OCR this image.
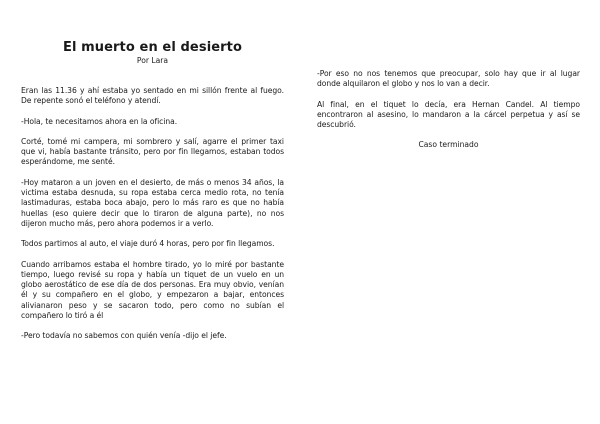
El muerto en el desierto
Por Lara

Eran las 11.36 y ahí estaba yo sentado en mi sillón frente al fuego. De repente sonó el teléfono y atendí.

-Hola, te necesitamos ahora en la oficina.

Corté, tomé mi campera, mi sombrero y salí, agarre el primer taxi que vi, había bastante tránsito, pero por fin llegamos, estaban todos esperándome, me senté.

-Hoy mataron a un joven en el desierto, de más o menos 34 años, la victima estaba desnuda, su ropa estaba cerca medio rota, no tenía lastimaduras, estaba boca abajo, pero lo más raro es que no había huellas (eso quiere decir que lo tiraron de alguna parte), no nos dijeron mucho más, pero ahora podemos ir a verlo.

Todos partimos al auto, el viaje duró 4 horas, pero por fin llegamos.

Cuando arribamos estaba el hombre tirado, yo lo miré por bastante tiempo, luego revisé su ropa y había un tiquet de un vuelo en un globo aerostático de ese día de dos personas. Era muy obvio, venían él y su compañero en el globo, y empezaron a bajar, entonces alivianaron peso y se sacaron todo, pero como no subían el compañero lo tiró a él

-Pero todavía no sabemos con quién venía -dijo el jefe.

-Por eso no nos tenemos que preocupar, solo hay que ir al lugar donde alquilaron el globo y nos lo van a decir.

Al final, en el tiquet lo decía, era Hernan Candel. Al tiempo encontraron al asesino, lo mandaron a la cárcel perpetua y así se descubrió.

Caso terminado
